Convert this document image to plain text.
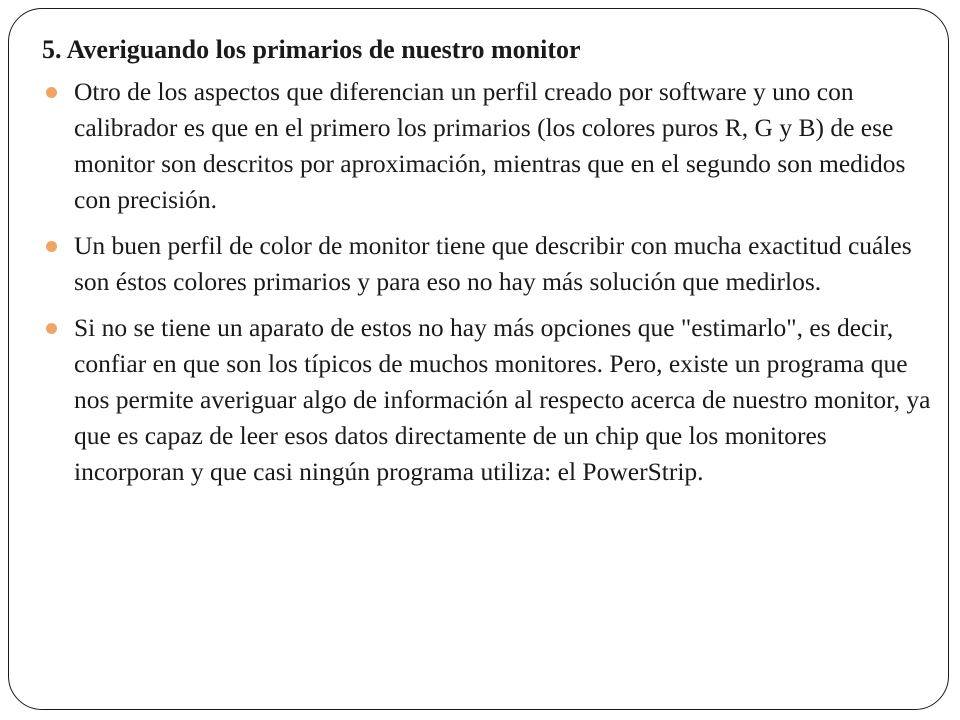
5. Averiguando los primarios de nuestro monitor
Otro de los aspectos que diferencian un perfil creado por software y uno con calibrador es que en el primero los primarios (los colores puros R, G y B) de ese monitor son descritos por aproximación, mientras que en el segundo son medidos con precisión.
Un buen perfil de color de monitor tiene que describir con mucha exactitud cuáles son éstos colores primarios y para eso no hay más solución que medirlos.
Si no se tiene un aparato de estos no hay más opciones que "estimarlo", es decir, confiar en que son los típicos de muchos monitores. Pero, existe un programa que nos permite averiguar algo de información al respecto acerca de nuestro monitor, ya que es capaz de leer esos datos directamente de un chip que los monitores incorporan y que casi ningún programa utiliza: el PowerStrip.
